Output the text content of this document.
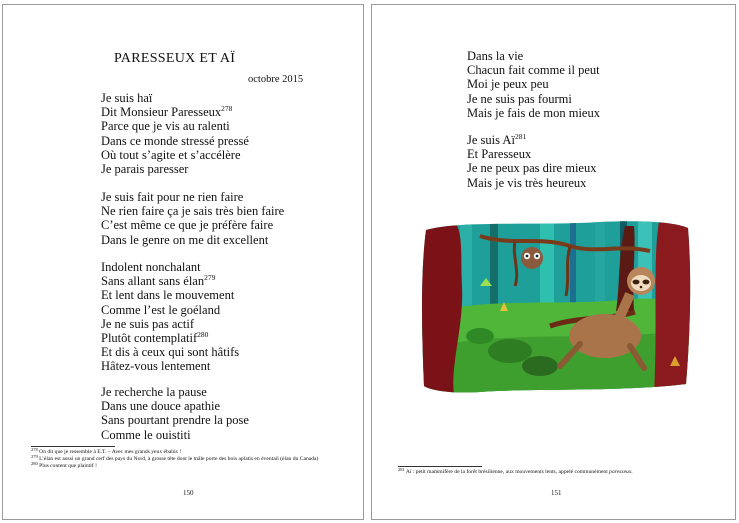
PARESSEUX ET AÏ
octobre 2015
Je suis haï
Dit Monsieur Paresseux$^{278}$
Parce que je vis au ralenti
Dans ce monde stressé pressé
Où tout s’agite et s’accélère
Je parais paresser
Je suis fait pour ne rien faire
Ne rien faire ça je sais très bien faire
C’est même ce que je préfère faire
Dans le genre on me dit excellent
Indolent nonchalant
Sans allant sans élan$^{279}$
Et lent dans le mouvement
Comme l’est le goéland
Je ne suis pas actif
Plutôt contemplatif$^{280}$
Et dis à ceux qui sont hâtifs
Hâtez-vous lentement
Je recherche la pause
Dans une douce apathie
Sans pourtant prendre la pose
Comme le ouistiti
$^{278}$ On dit que je ressemble à E.T. – Avec mes grands yeux ébahis !
$^{279}$ L’élan est aussi un grand cerf des pays du Nord, à grosse tête dont le mâle porte des bois aplatis en éventail (élan du Canada)
$^{280}$ Plus content que plaintif !
150
Dans la vie
Chacun fait comme il peut
Moi je peux peu
Je ne suis pas fourmi
Mais je fais de mon mieux
Je suis $Aï^{281}$
Et Paresseux
Je ne peux pas dire mieux
Mais je vis très heureux
$^{281}$ Aï : petit mammifère de la forêt brésilienne, aux mouvements lents, appelé communément paresseux.
151
